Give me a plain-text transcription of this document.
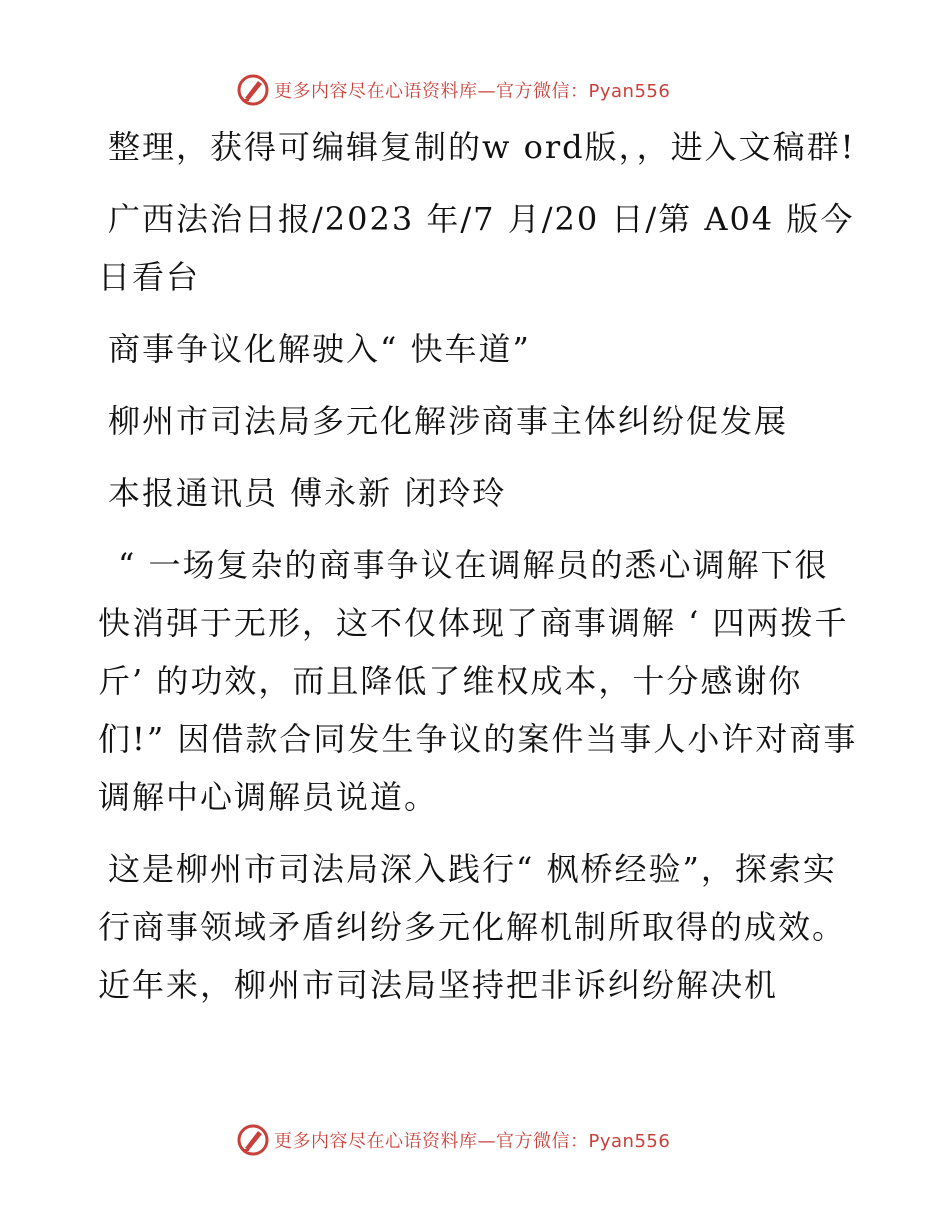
更多内容尽在心语资料库—官方微信：Pyan556

整理，获得可编辑复制的w ord版，，进入文稿群!

广西法治日报/2023 年/7 月/20 日/第 A04 版今日看台

商事争议化解驶入“ 快车道”

柳州市司法局多元化解涉商事主体纠纷促发展

本报通讯员 傅永新 闭玲玲

“ 一场复杂的商事争议在调解员的悉心调解下很快消弭于无形，这不仅体现了商事调解 ‘ 四两拨千斤’ 的功效，而且降低了维权成本，十分感谢你们!” 因借款合同发生争议的案件当事人小许对商事调解中心调解员说道。

这是柳州市司法局深入践行“ 枫桥经验”，探索实行商事领域矛盾纠纷多元化解机制所取得的成效。近年来，柳州市司法局坚持把非诉纠纷解决机

更多内容尽在心语资料库—官方微信：Pyan556
